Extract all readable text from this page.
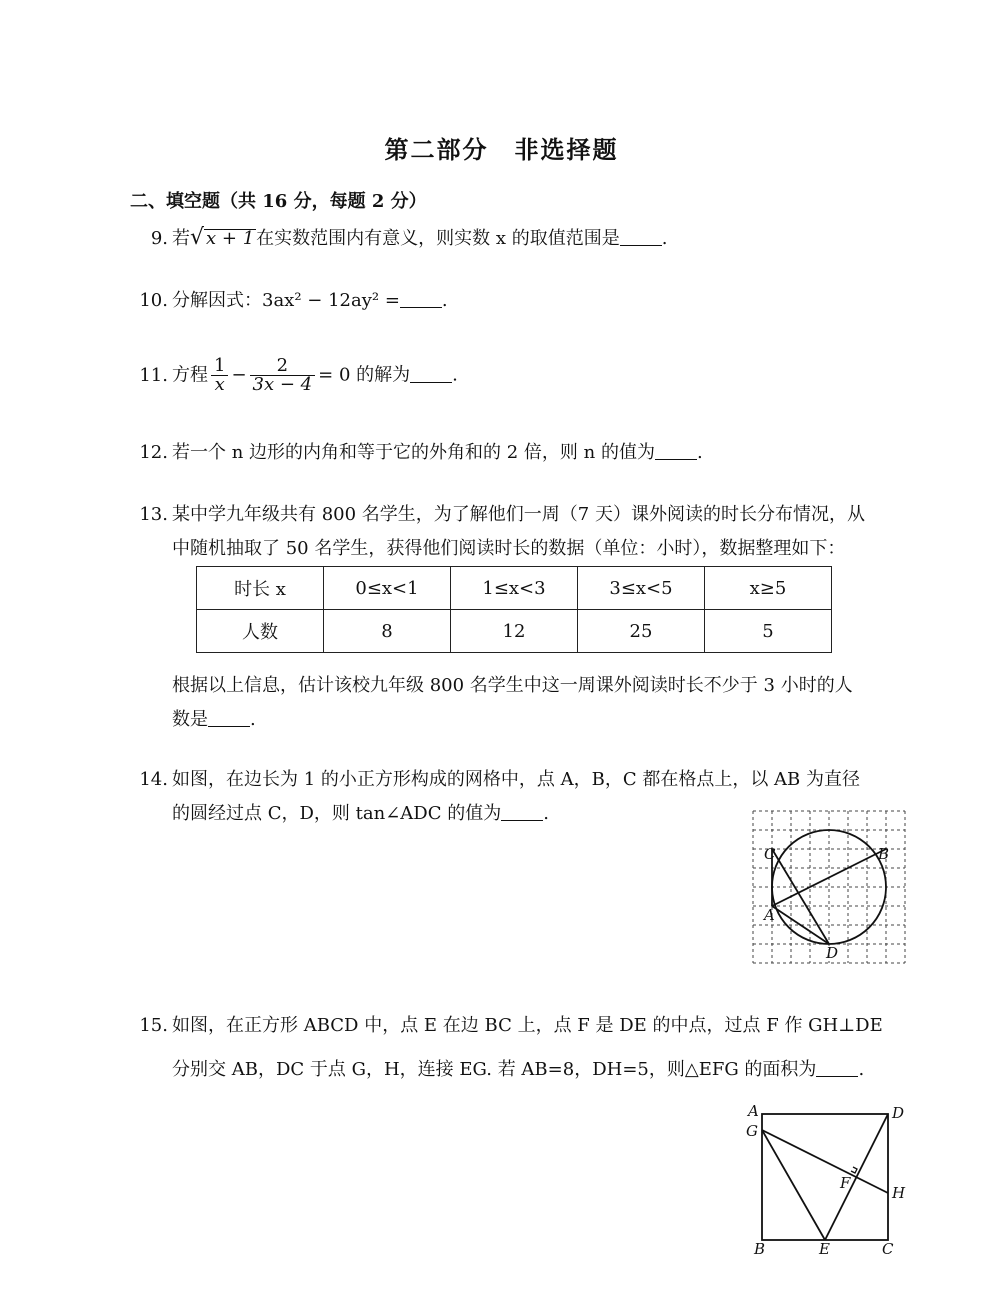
第二部分　非选择题
二、填空题（共 16 分，每题 2 分）
9. 若√ x + 1 在实数范围内有意义，则实数 x 的取值范围是 .
10. 分解因式：3ax² − 12ay² = .
11. 方程 $\frac{1}{x} - \frac{2}{3x - 4} = 0$ 的解为 .
12. 若一个 n 边形的内角和等于它的外角和的 2 倍，则 n 的值为 .
13. 某中学九年级共有 800 名学生，为了解他们一周（7 天）课外阅读的时长分布情况，从
中随机抽取了 50 名学生，获得他们阅读时长的数据（单位：小时），数据整理如下：
时长 x	0≤x<1	1≤x<3	3≤x<5	x≥5
人数	8	12	25	5
根据以上信息，估计该校九年级 800 名学生中这一周课外阅读时长不少于 3 小时的人
数是 .
14. 如图，在边长为 1 的小正方形构成的网格中，点 A，B，C 都在格点上，以 AB 为直径
的圆经过点 C，D，则 tan∠ADC 的值为 .
C	B
A
D
15. 如图，在正方形 ABCD 中，点 E 在边 BC 上，点 F 是 DE 的中点，过点 F 作 GH⊥DE
分别交 AB，DC 于点 G，H，连接 EG. 若 AB=8，DH=5，则△EFG 的面积为 .
A	D
G
F
H
B	E	C
